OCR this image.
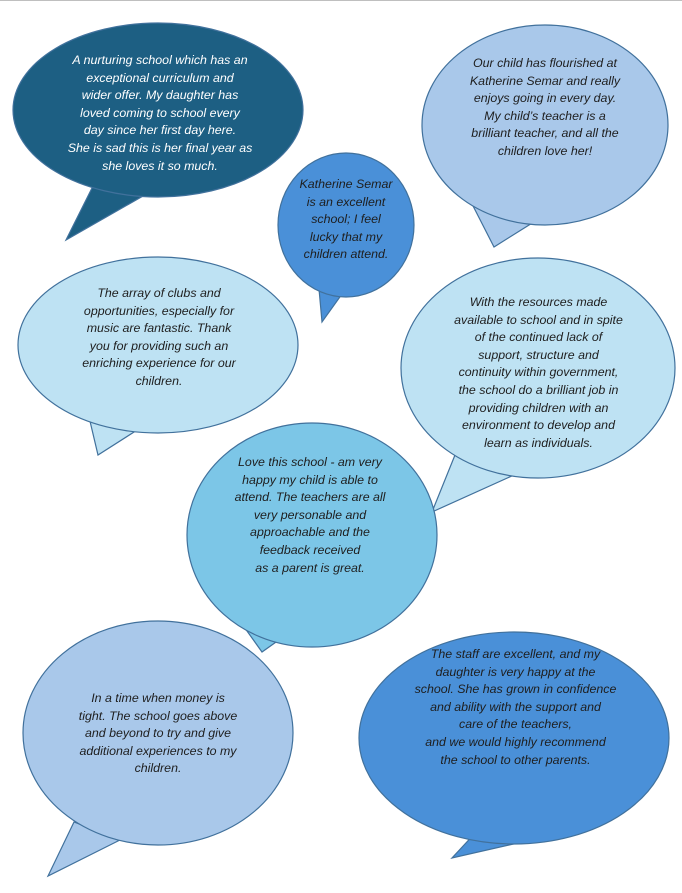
A nurturing school which has an
exceptional curriculum and
wider offer. My daughter has
loved coming to school every
day since her first day here.
She is sad this is her final year as
she loves it so much.

Our child has flourished at
Katherine Semar and really
enjoys going in every day.
My child’s teacher is a
brilliant teacher, and all the
children love her!

Katherine Semar
is an excellent
school; I feel
lucky that my
children attend.

The array of clubs and
opportunities, especially for
music are fantastic. Thank
you for providing such an
enriching experience for our
children.

With the resources made
available to school and in spite
of the continued lack of
support, structure and
continuity within government,
the school do a brilliant job in
providing children with an
environment to develop and
learn as individuals.

Love this school - am very
happy my child is able to
attend. The teachers are all
very personable and
approachable and the
feedback received
as a parent is great.

In a time when money is
tight. The school goes above
and beyond to try and give
additional experiences to my
children.

The staff are excellent, and my
daughter is very happy at the
school. She has grown in confidence
and ability with the support and
care of the teachers,
and we would highly recommend
the school to other parents.
